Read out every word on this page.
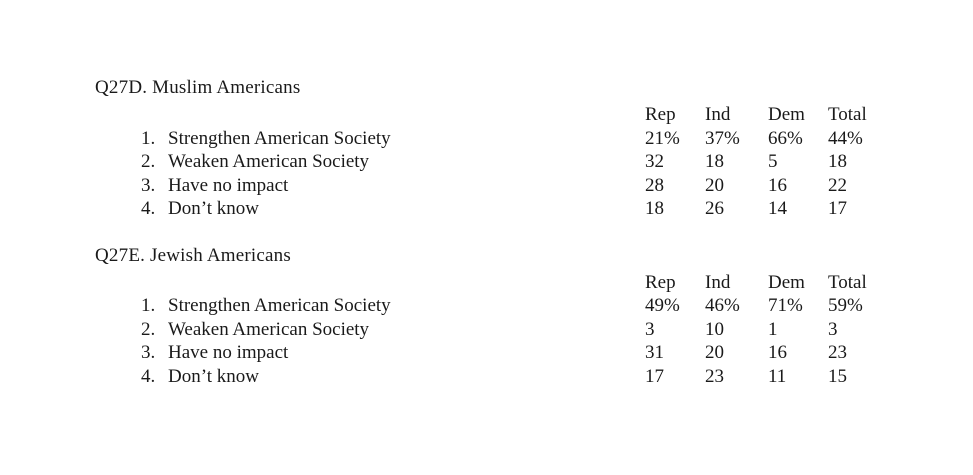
Q27D. Muslim Americans
Rep	Ind	Dem	Total
1. Strengthen American Society	21%	37%	66%	44%
2. Weaken American Society	32	18	5	18
3. Have no impact	28	20	16	22
4. Don’t know	18	26	14	17
Q27E. Jewish Americans
Rep	Ind	Dem	Total
1. Strengthen American Society	49%	46%	71%	59%
2. Weaken American Society	3	10	1	3
3. Have no impact	31	20	16	23
4. Don’t know	17	23	11	15
